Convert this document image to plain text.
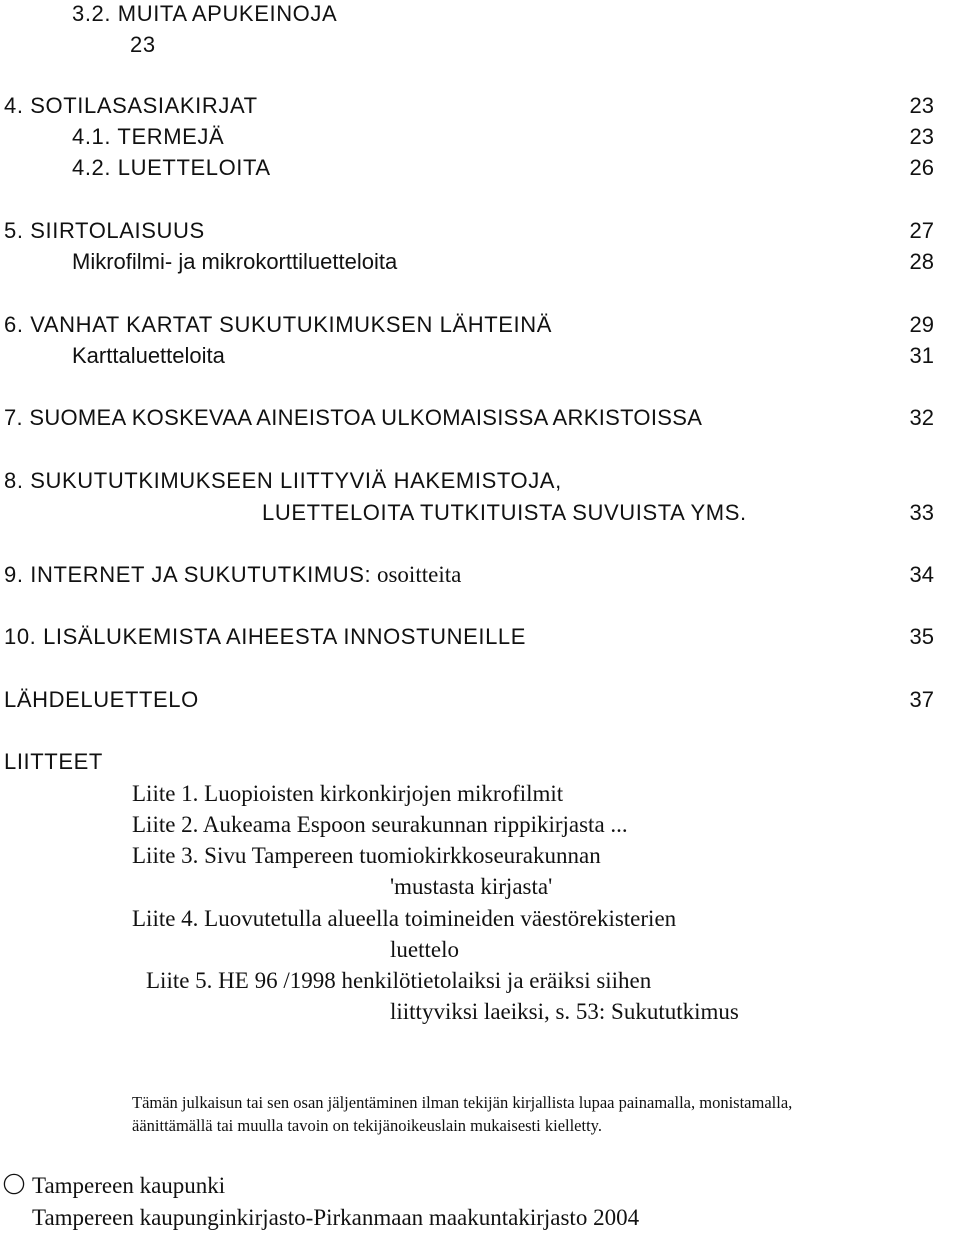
3.2. MUITA APUKEINOJA
23
4. SOTILASASIAKIRJAT	23
4.1. TERMEJÄ	23
4.2. LUETTELOITA	26
5. SIIRTOLAISUUS	27
Mikrofilmi- ja mikrokorttiluetteloita	28
6. VANHAT KARTAT SUKUTUKIMUKSEN LÄHTEINÄ	29
Karttaluetteloita	31
7. SUOMEA KOSKEVAA AINEISTOA ULKOMAISISSA ARKISTOISSA	32
8. SUKUTUTKIMUKSEEN LIITTYVIÄ HAKEMISTOJA,
LUETTELOITA TUTKITUISTA SUVUISTA YMS.	33
9. INTERNET JA SUKUTUTKIMUS: osoitteita	34
10. LISÄLUKEMISTA AIHEESTA INNOSTUNEILLE	35
LÄHDELUETTELO	37
LIITTEET
Liite 1. Luopioisten kirkonkirjojen mikrofilmit
Liite 2. Aukeama Espoon seurakunnan rippikirjasta ...
Liite 3. Sivu Tampereen tuomiokirkkoseurakunnan
'mustasta kirjasta'
Liite 4. Luovutetulla alueella toimineiden väestörekisterien
luettelo
Liite 5. HE 96 /1998 henkilötietolaiksi ja eräiksi siihen
liittyviksi laeiksi, s. 53: Sukututkimus
Tämän julkaisun tai sen osan jäljentäminen ilman tekijän kirjallista lupaa painamalla, monistamalla,
äänittämällä tai muulla tavoin on tekijänoikeuslain mukaisesti kielletty.
Tampereen kaupunki
Tampereen kaupunginkirjasto-Pirkanmaan maakuntakirjasto 2004
